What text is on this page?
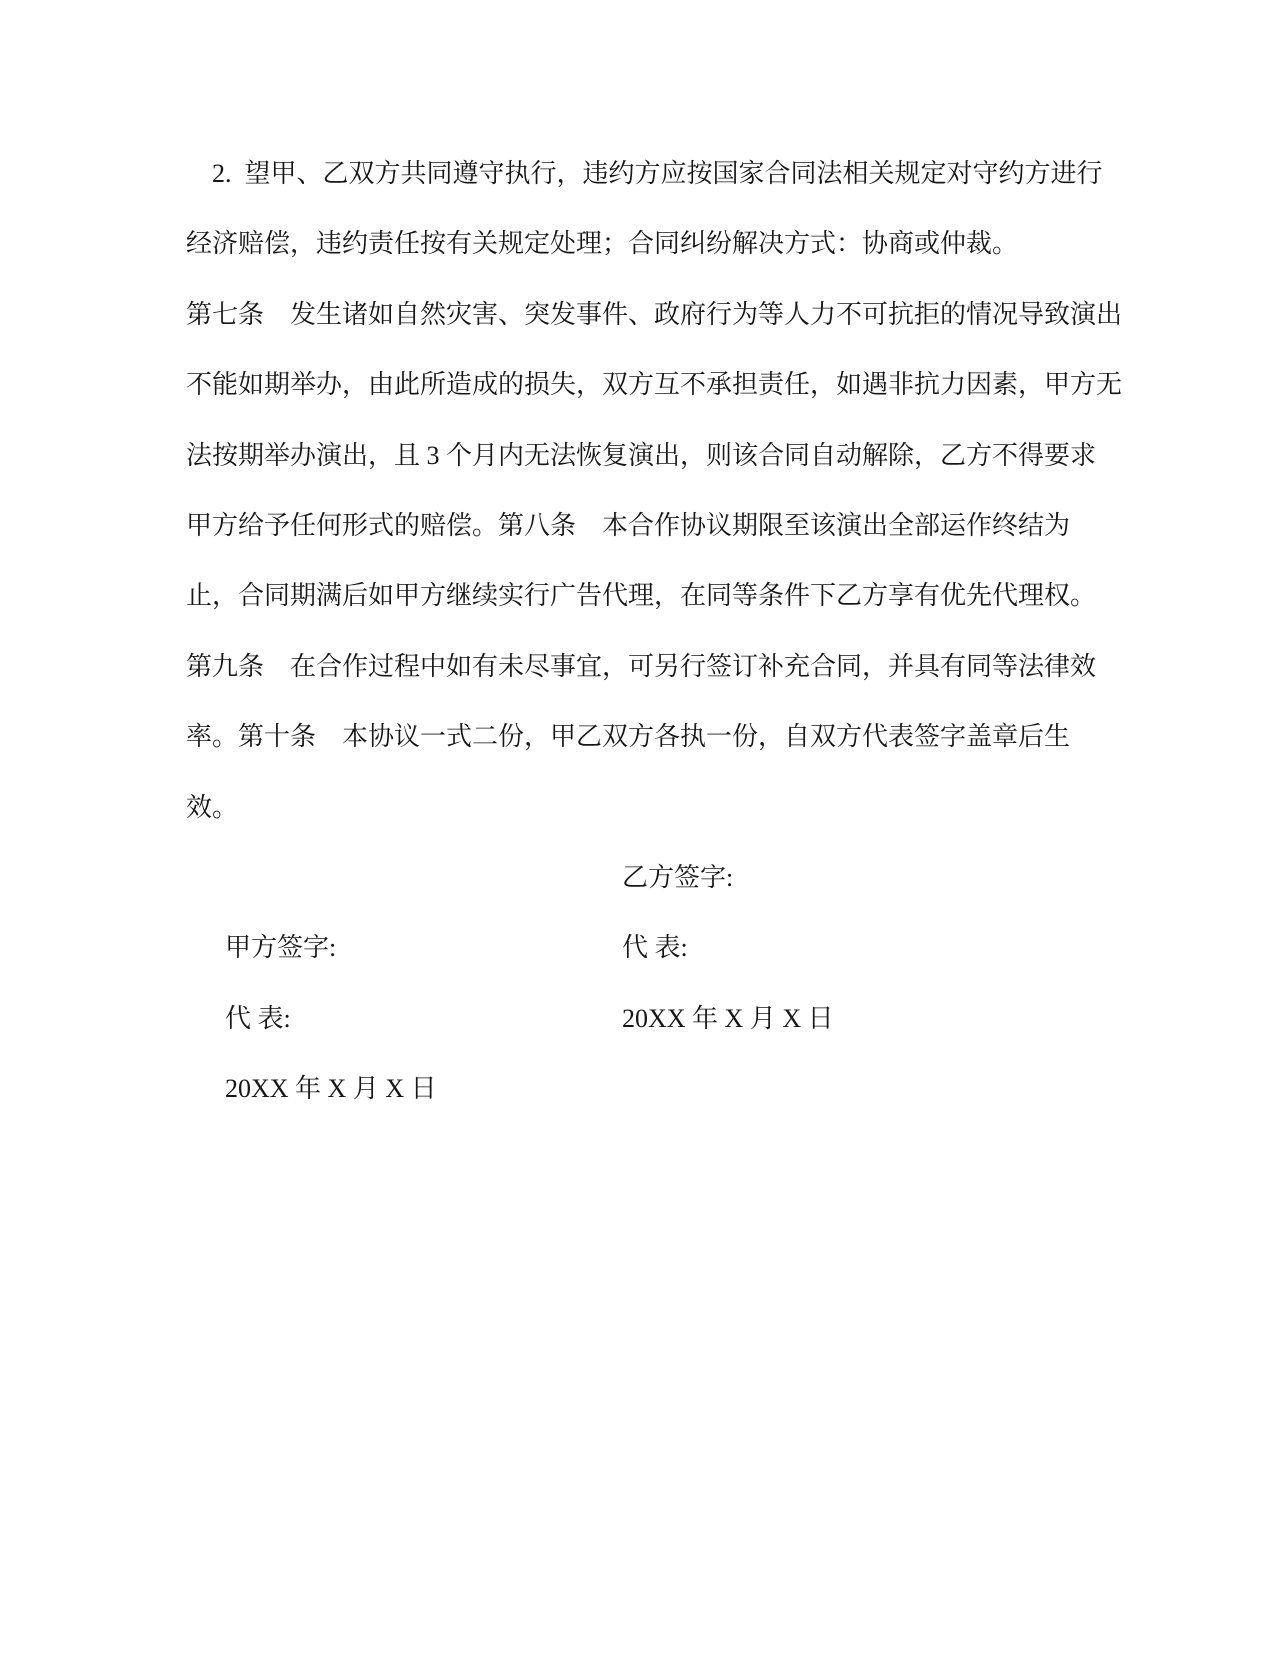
2.  望甲、乙双方共同遵守执行，违约方应按国家合同法相关规定对守约方进行
经济赔偿，违约责任按有关规定处理；合同纠纷解决方式：协商或仲裁。
第七条　发生诸如自然灾害、突发事件、政府行为等人力不可抗拒的情况导致演出
不能如期举办，由此所造成的损失，双方互不承担责任，如遇非抗力因素，甲方无
法按期举办演出，且 3 个月内无法恢复演出，则该合同自动解除，乙方不得要求
甲方给予任何形式的赔偿。第八条　本合作协议期限至该演出全部运作终结为
止，合同期满后如甲方继续实行广告代理，在同等条件下乙方享有优先代理权。
第九条　在合作过程中如有未尽事宜，可另行签订补充合同，并具有同等法律效
率。第十条　本协议一式二份，甲乙双方各执一份，自双方代表签字盖章后生
效。

甲方签字:

乙方签字:

代 表:

代 表:

20XX 年 X 月 X 日

20XX 年 X 月 X 日
